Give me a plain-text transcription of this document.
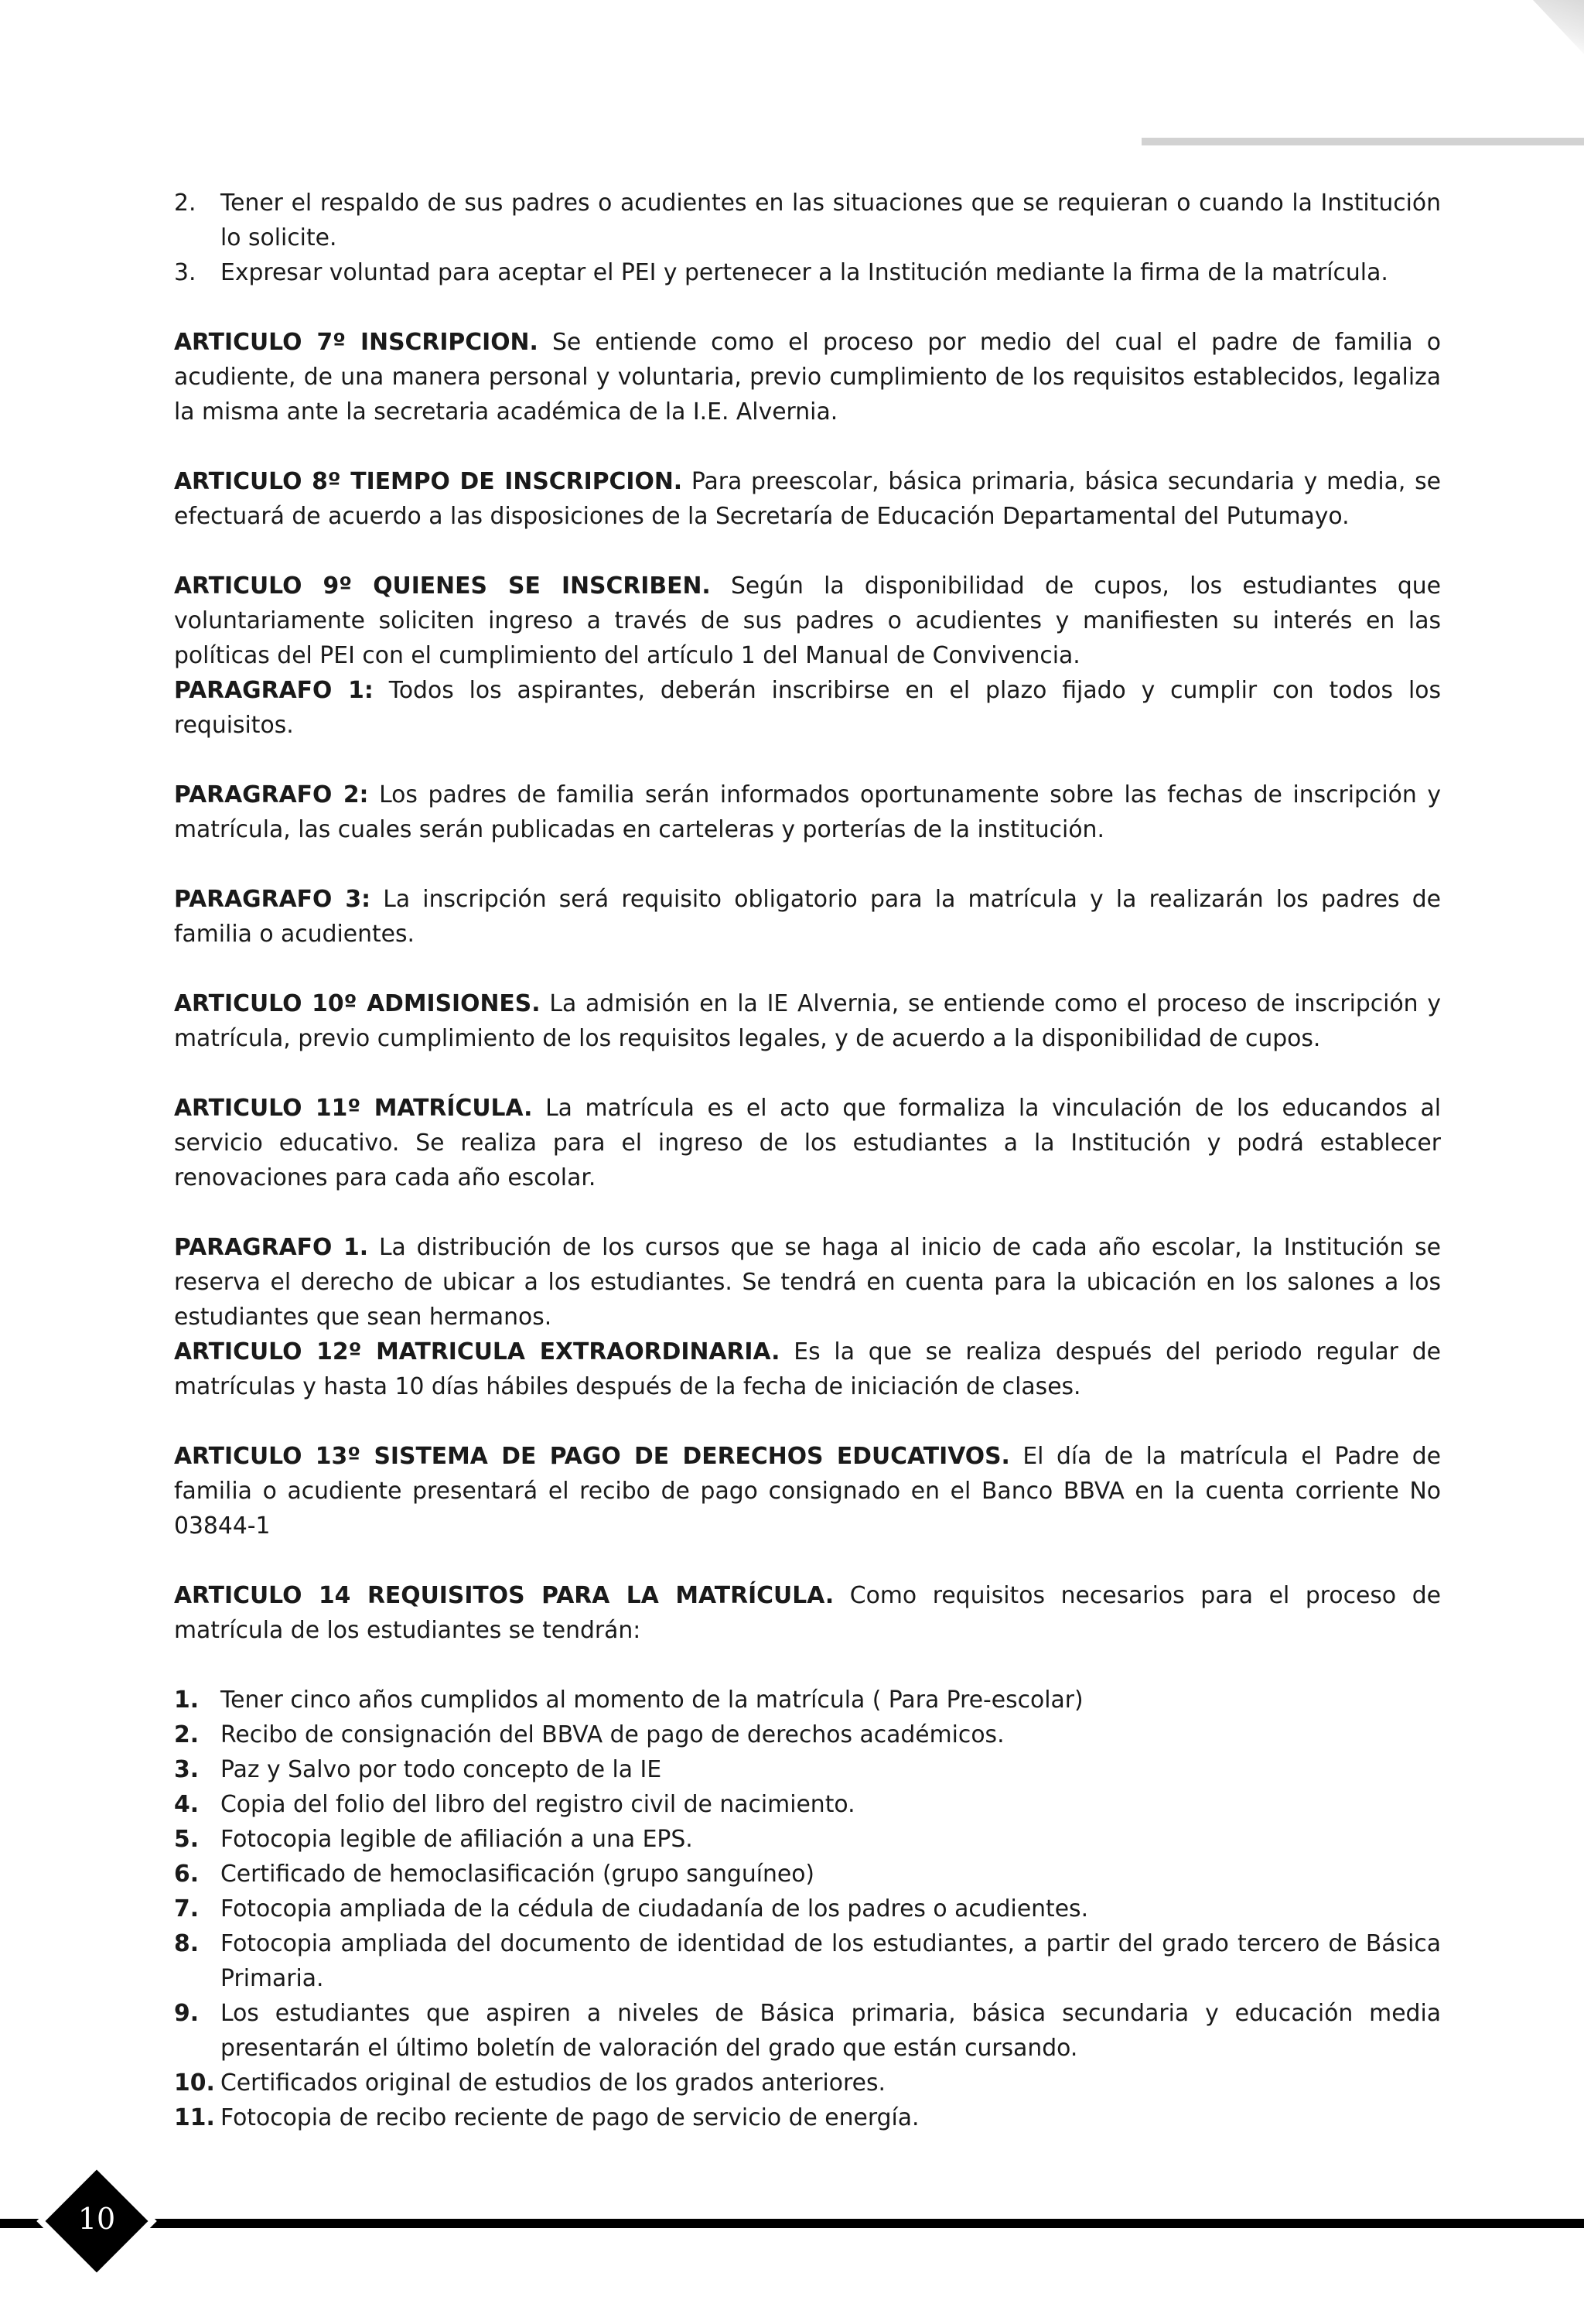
2. Tener el respaldo de sus padres o acudientes en las situaciones que se requieran o cuando la Institución lo solicite.
3. Expresar voluntad para aceptar el PEI y pertenecer a la Institución mediante la firma de la matrícula.

ARTICULO 7º INSCRIPCION. Se entiende como el proceso por medio del cual el padre de familia o acudiente, de una manera personal y voluntaria, previo cumplimiento de los requisitos establecidos, legaliza la misma ante la secretaria académica de la I.E. Alvernia.

ARTICULO 8º TIEMPO DE INSCRIPCION. Para preescolar, básica primaria, básica secundaria y media, se efectuará de acuerdo a las disposiciones de la Secretaría de Educación Departamental del Putumayo.

ARTICULO 9º QUIENES SE INSCRIBEN. Según la disponibilidad de cupos, los estudiantes que voluntariamente soliciten ingreso a través de sus padres o acudientes y manifiesten su interés en las políticas del PEI con el cumplimiento del artículo 1 del Manual de Convivencia.

PARAGRAFO 1: Todos los aspirantes, deberán inscribirse en el plazo fijado y cumplir con todos los requisitos.

PARAGRAFO 2: Los padres de familia serán informados oportunamente sobre las fechas de inscripción y matrícula, las cuales serán publicadas en carteleras y porterías de la institución.

PARAGRAFO 3: La inscripción será requisito obligatorio para la matrícula y la realizarán los padres de familia o acudientes.

ARTICULO 10º ADMISIONES. La admisión en la IE Alvernia, se entiende como el proceso de inscripción y matrícula, previo cumplimiento de los requisitos legales, y de acuerdo a la disponibilidad de cupos.

ARTICULO 11º MATRÍCULA. La matrícula es el acto que formaliza la vinculación de los educandos al servicio educativo. Se realiza para el ingreso de los estudiantes a la Institución y podrá establecer renovaciones para cada año escolar.

PARAGRAFO 1. La distribución de los cursos que se haga al inicio de cada año escolar, la Institución se reserva el derecho de ubicar a los estudiantes. Se tendrá en cuenta para la ubicación en los salones a los estudiantes que sean hermanos.

ARTICULO 12º MATRICULA EXTRAORDINARIA. Es la que se realiza después del periodo regular de matrículas y hasta 10 días hábiles después de la fecha de iniciación de clases.

ARTICULO 13º SISTEMA DE PAGO DE DERECHOS EDUCATIVOS. El día de la matrícula el Padre de familia o acudiente presentará el recibo de pago consignado en el Banco BBVA en la cuenta corriente No 03844-1

ARTICULO 14 REQUISITOS PARA LA MATRÍCULA. Como requisitos necesarios para el proceso de matrícula de los estudiantes se tendrán:

1. Tener cinco años cumplidos al momento de la matrícula ( Para Pre-escolar)
2. Recibo de consignación del BBVA de pago de derechos académicos.
3. Paz y Salvo por todo concepto de la IE
4. Copia del folio del libro del registro civil de nacimiento.
5. Fotocopia legible de afiliación a una EPS.
6. Certificado de hemoclasificación (grupo sanguíneo)
7. Fotocopia ampliada de la cédula de ciudadanía de los padres o acudientes.
8. Fotocopia ampliada del documento de identidad de los estudiantes, a partir del grado tercero de Básica Primaria.
9. Los estudiantes que aspiren a niveles de Básica primaria, básica secundaria y educación media presentarán el último boletín de valoración del grado que están cursando.
10. Certificados original de estudios de los grados anteriores.
11. Fotocopia de recibo reciente de pago de servicio de energía.
10
